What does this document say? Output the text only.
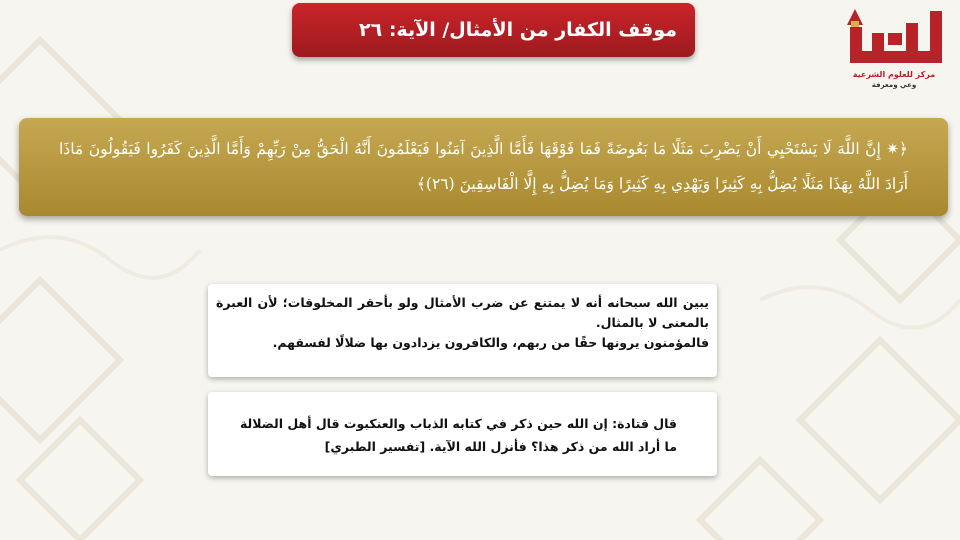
موقف الكفار من الأمثال/ الآية: ٢٦
مركز للعلوم الشرعية
وعي ومعرفة
﴿✷ إِنَّ اللَّهَ لَا يَسْتَحْيِي أَنْ يَضْرِبَ مَثَلًا مَا بَعُوضَةً فَمَا فَوْقَهَا فَأَمَّا الَّذِينَ آمَنُوا فَيَعْلَمُونَ أَنَّهُ الْحَقُّ مِنْ رَبِّهِمْ وَأَمَّا الَّذِينَ كَفَرُوا فَيَقُولُونَ مَاذَا أَرَادَ اللَّهُ بِهَذَا مَثَلًا يُضِلُّ بِهِ كَثِيرًا وَيَهْدِي بِهِ كَثِيرًا وَمَا يُضِلُّ بِهِ إِلَّا الْفَاسِقِينَ (٢٦)﴾

يبين الله سبحانه أنه لا يمتنع عن ضرب الأمثال ولو بأحقر المخلوقات؛ لأن العبرة بالمعنى لا بالمثال.

فالمؤمنون يرونها حقًا من ربهم، والكافرون يزدادون بها ضلالًا لفسقهم.

قال قتادة: إن الله حين ذكر في كتابه الذباب والعنكبوت قال أهل الضلالة ما أراد الله من ذكر هذا؟ فأنزل الله الآية. [تفسير الطبري]
